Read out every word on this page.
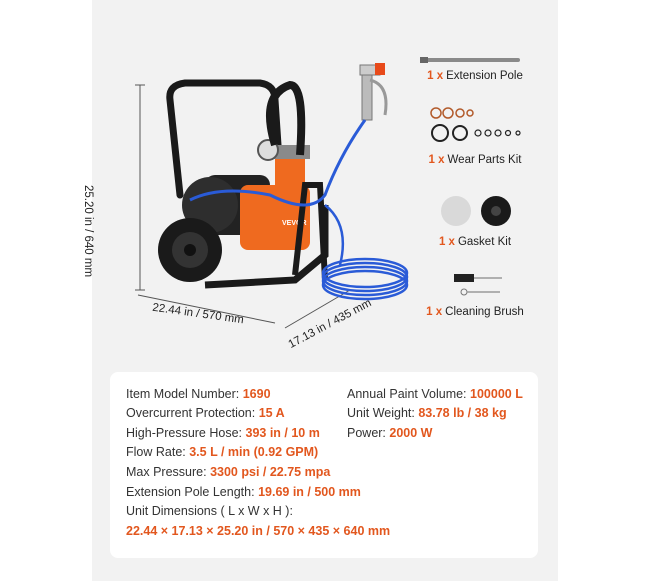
VEVOR
25.20 in / 640 mm
22.44 in / 570 mm	17.13 in / 435 mm
1 x Extension Pole
1 x Wear Parts Kit
1 x Gasket Kit
1 x Cleaning Brush
Item Model Number: 1690
Overcurrent Protection: 15 A
High-Pressure Hose: 393 in / 10 m
Flow Rate: 3.5 L / min (0.92 GPM)
Max Pressure: 3300 psi / 22.75 mpa
Extension Pole Length: 19.69 in / 500 mm
Unit Dimensions ( L x W x H ):
22.44 × 17.13 × 25.20 in / 570 × 435 × 640 mm
Annual Paint Volume: 100000 L
Unit Weight: 83.78 lb / 38 kg
Power: 2000 W
